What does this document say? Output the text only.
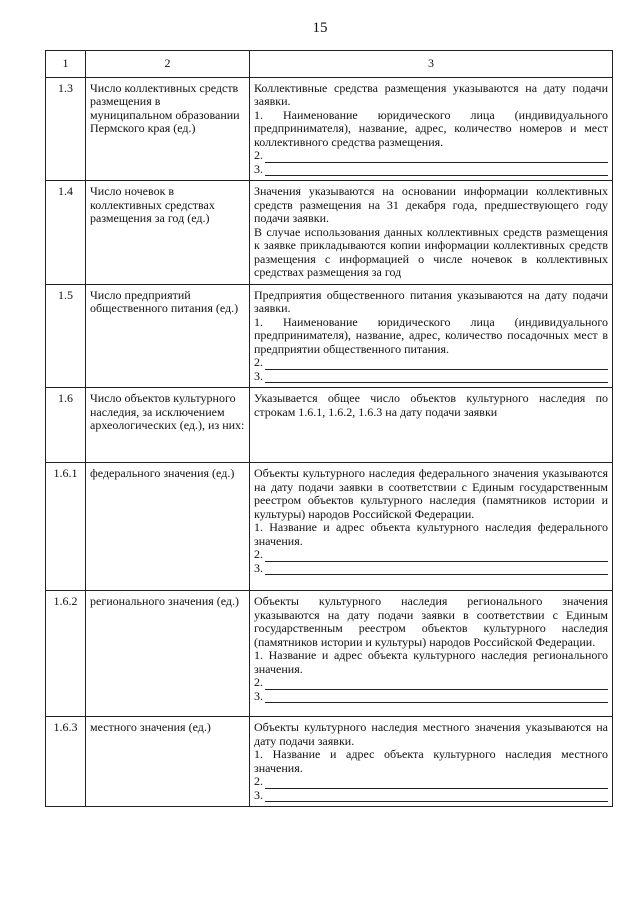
15
1	2	3
1.3	Число коллективных средств размещения в муниципальном образовании Пермского края (ед.)	Коллективные средства размещения указываются на дату подачи заявки.

1. Наименование юридического лица (индивидуального предпринимателя), название, адрес, количество номеров и мест коллективного средства размещения.

2.
3.

1.4	Число ночевок в коллективных средствах размещения за год (ед.)	Значения указываются на основании информации коллективных средств размещения на 31 декабря года, предшествующего году подачи заявки.

В случае использования данных коллективных средств размещения к заявке прикладываются копии информации коллективных средств размещения с информацией о числе ночевок в коллективных средствах размещения за год

1.5	Число предприятий общественного питания (ед.)	Предприятия общественного питания указываются на дату подачи заявки.

1. Наименование юридического лица (индивидуального предпринимателя), название, адрес, количество посадочных мест в предприятии общественного питания.

2.
3.

1.6	Число объектов культурного наследия, за исключением археологических (ед.), из них:	Указывается общее число объектов культурного наследия по строкам 1.6.1, 1.6.2, 1.6.3 на дату подачи заявки

1.6.1	федерального значения (ед.)	Объекты культурного наследия федерального значения указываются на дату подачи заявки в соответствии с Единым государственным реестром объектов культурного наследия (памятников истории и культуры) народов Российской Федерации.

1. Название и адрес объекта культурного наследия федерального значения.

2.
3.

1.6.2	регионального значения (ед.)	Объекты культурного наследия регионального значения указываются на дату подачи заявки в соответствии с Единым государственным реестром объектов культурного наследия (памятников истории и культуры) народов Российской Федерации.

1. Название и адрес объекта культурного наследия регионального значения.

2.
3.

1.6.3	местного значения (ед.)	Объекты культурного наследия местного значения указываются на дату подачи заявки.

1. Название и адрес объекта культурного наследия местного значения.

2.
3.
